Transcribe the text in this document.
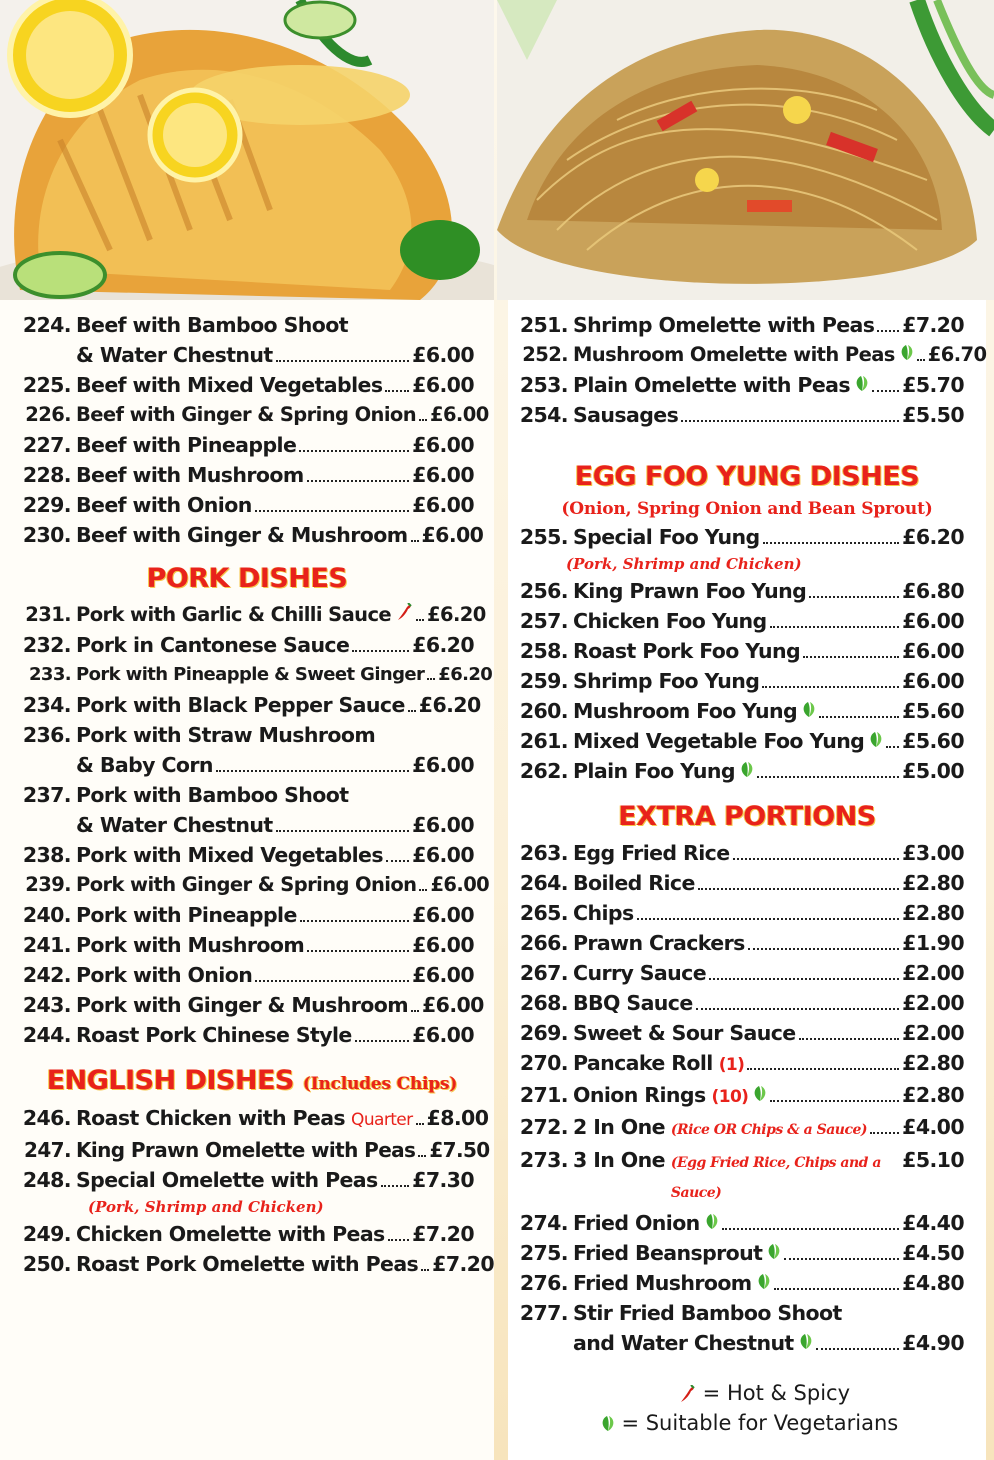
224. Beef with Bamboo Shoot
& Water Chestnut	£6.00
225. Beef with Mixed Vegetables £6.00
226. Beef with Ginger & Spring Onion £6.00
227. Beef with Pineapple	£6.00
228. Beef with Mushroom	£6.00
229. Beef with Onion	£6.00
230. Beef with Ginger & Mushroom £6.00
PORK DISHES
231. Pork with Garlic & Chilli Sauce £6.20
232. Pork in Cantonese Sauce	£6.20
233. Pork with Pineapple & Sweet Ginger £6.20
234. Pork with Black Pepper Sauce £6.20
236. Pork with Straw Mushroom
& Baby Corn	£6.00
237. Pork with Bamboo Shoot
& Water Chestnut	£6.00
238. Pork with Mixed Vegetables £6.00
239. Pork with Ginger & Spring Onion £6.00
240. Pork with Pineapple	£6.00
241. Pork with Mushroom	£6.00
242. Pork with Onion	£6.00
243. Pork with Ginger & Mushroom £6.00
244. Roast Pork Chinese Style	£6.00
ENGLISH DISHES (Includes Chips)
246. Roast Chicken with Peas Quarter £8.00
247. King Prawn Omelette with Peas £7.50
248. Special Omelette with Peas £7.30
(Pork, Shrimp and Chicken)
249. Chicken Omelette with Peas £7.20
250. Roast Pork Omelette with Peas £7.20
251. Shrimp Omelette with Peas £7.20
252. Mushroom Omelette with Peas £6.70
253. Plain Omelette with Peas	£5.70
254. Sausages	£5.50
EGG FOO YUNG DISHES
(Onion, Spring Onion and Bean Sprout)
255. Special Foo Yung	£6.20
(Pork, Shrimp and Chicken)
256. King Prawn Foo Yung	£6.80
257. Chicken Foo Yung	£6.00
258. Roast Pork Foo Yung	£6.00
259. Shrimp Foo Yung	£6.00
260. Mushroom Foo Yung	£5.60
261. Mixed Vegetable Foo Yung £5.60
262. Plain Foo Yung	£5.00
EXTRA PORTIONS
263. Egg Fried Rice	£3.00
264. Boiled Rice	£2.80
265. Chips	£2.80
266. Prawn Crackers	£1.90
267. Curry Sauce	£2.00
268. BBQ Sauce	£2.00
269. Sweet & Sour Sauce	£2.00
270. Pancake Roll (1)	£2.80
271. Onion Rings (10)	£2.80
272. 2 In One (Rice OR Chips & a Sauce) £4.00
273. 3 In One (Egg Fried Rice, Chips and a Sauce)
£5.10
274. Fried Onion	£4.40
275. Fried Beansprout	£4.50
276. Fried Mushroom	£4.80
277. Stir Fried Bamboo Shoot
and Water Chestnut	£4.90
= Hot & Spicy
= Suitable for Vegetarians
